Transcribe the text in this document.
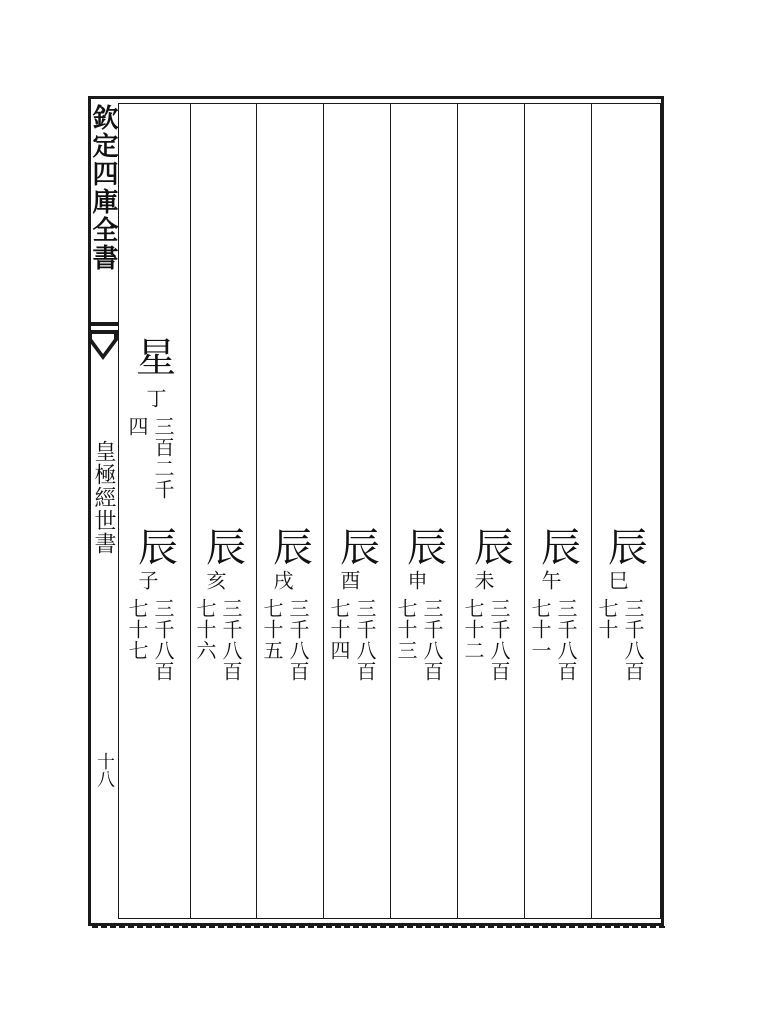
欽定四庫全書
皇極經世書
十八
星
丁
三百二千
四
辰
巳
三千八百
七十
辰
午
三千八百
七十一
辰
未
三千八百
七十二
辰
申
三千八百
七十三
辰
酉
三千八百
七十四
辰
戌
三千八百
七十五
辰
亥
三千八百
七十六
辰
子
三千八百
七十七
